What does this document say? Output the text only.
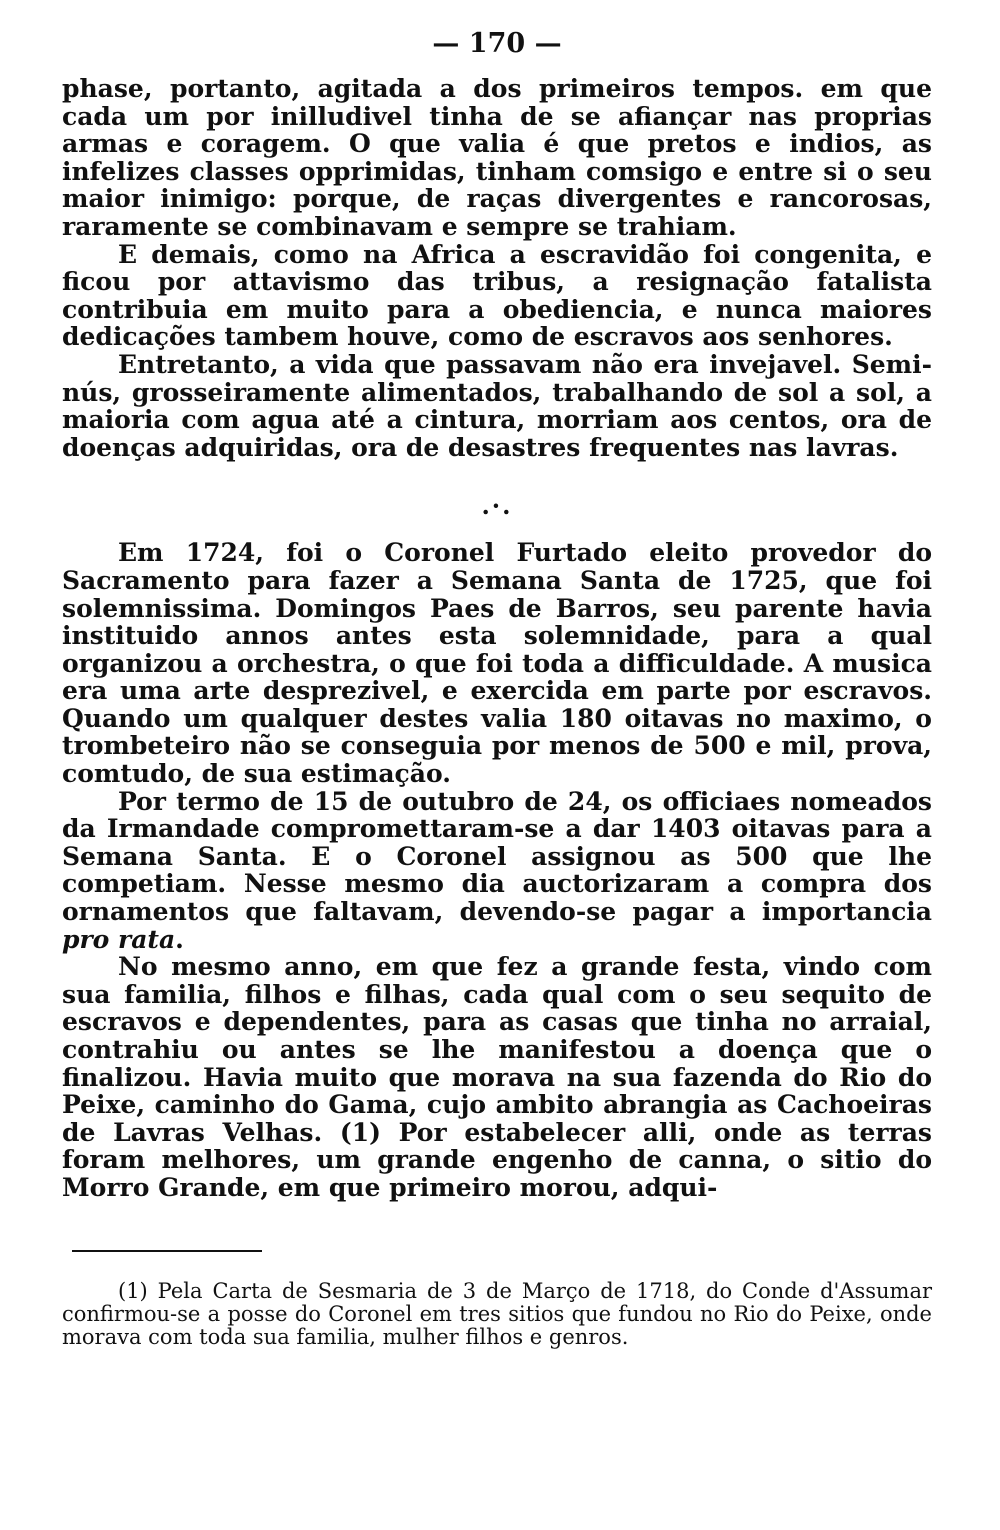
— 170 —

phase, portanto, agitada a dos primeiros tempos. em que cada um por inilludivel tinha de se afiançar nas proprias armas e coragem. O que valia é que pretos e indios, as infelizes classes opprimidas, tinham comsigo e entre si o seu maior inimigo: porque, de raças divergentes e rancorosas, raramente se combinavam e sempre se trahiam.

E demais, como na Africa a escravidão foi congenita, e ficou por attavismo das tribus, a resignação fatalista contribuia em muito para a obediencia, e nunca maiores dedicações tambem houve, como de escravos aos senhores.

Entretanto, a vida que passavam não era invejavel. Semi-nús, grosseiramente alimentados, trabalhando de sol a sol, a maioria com agua até a cintura, morriam aos centos, ora de doenças adquiridas, ora de desastres frequentes nas lavras.

.·.

Em 1724, foi o Coronel Furtado eleito provedor do Sacramento para fazer a Semana Santa de 1725, que foi solemnissima. Domingos Paes de Barros, seu parente havia instituido annos antes esta solemnidade, para a qual organizou a orchestra, o que foi toda a difficuldade. A musica era uma arte desprezivel, e exercida em parte por escravos. Quando um qualquer destes valia 180 oitavas no maximo, o trombeteiro não se conseguia por menos de 500 e mil, prova, comtudo, de sua estimação.

Por termo de 15 de outubro de 24, os officiaes nomeados da Irmandade compromettaram-se a dar 1403 oitavas para a Semana Santa. E o Coronel assignou as 500 que lhe competiam. Nesse mesmo dia auctorizaram a compra dos ornamentos que faltavam, devendo-se pagar a importancia pro rata.

No mesmo anno, em que fez a grande festa, vindo com sua familia, filhos e filhas, cada qual com o seu sequito de escravos e dependentes, para as casas que tinha no arraial, contrahiu ou antes se lhe manifestou a doença que o finalizou. Havia muito que morava na sua fazenda do Rio do Peixe, caminho do Gama, cujo ambito abrangia as Cachoeiras de Lavras Velhas. (1) Por estabelecer alli, onde as terras foram melhores, um grande engenho de canna, o sitio do Morro Grande, em que primeiro morou, adqui-

(1) Pela Carta de Sesmaria de 3 de Março de 1718, do Conde d'Assumar confirmou-se a posse do Coronel em tres sitios que fundou no Rio do Peixe, onde morava com toda sua familia, mulher filhos e genros.
